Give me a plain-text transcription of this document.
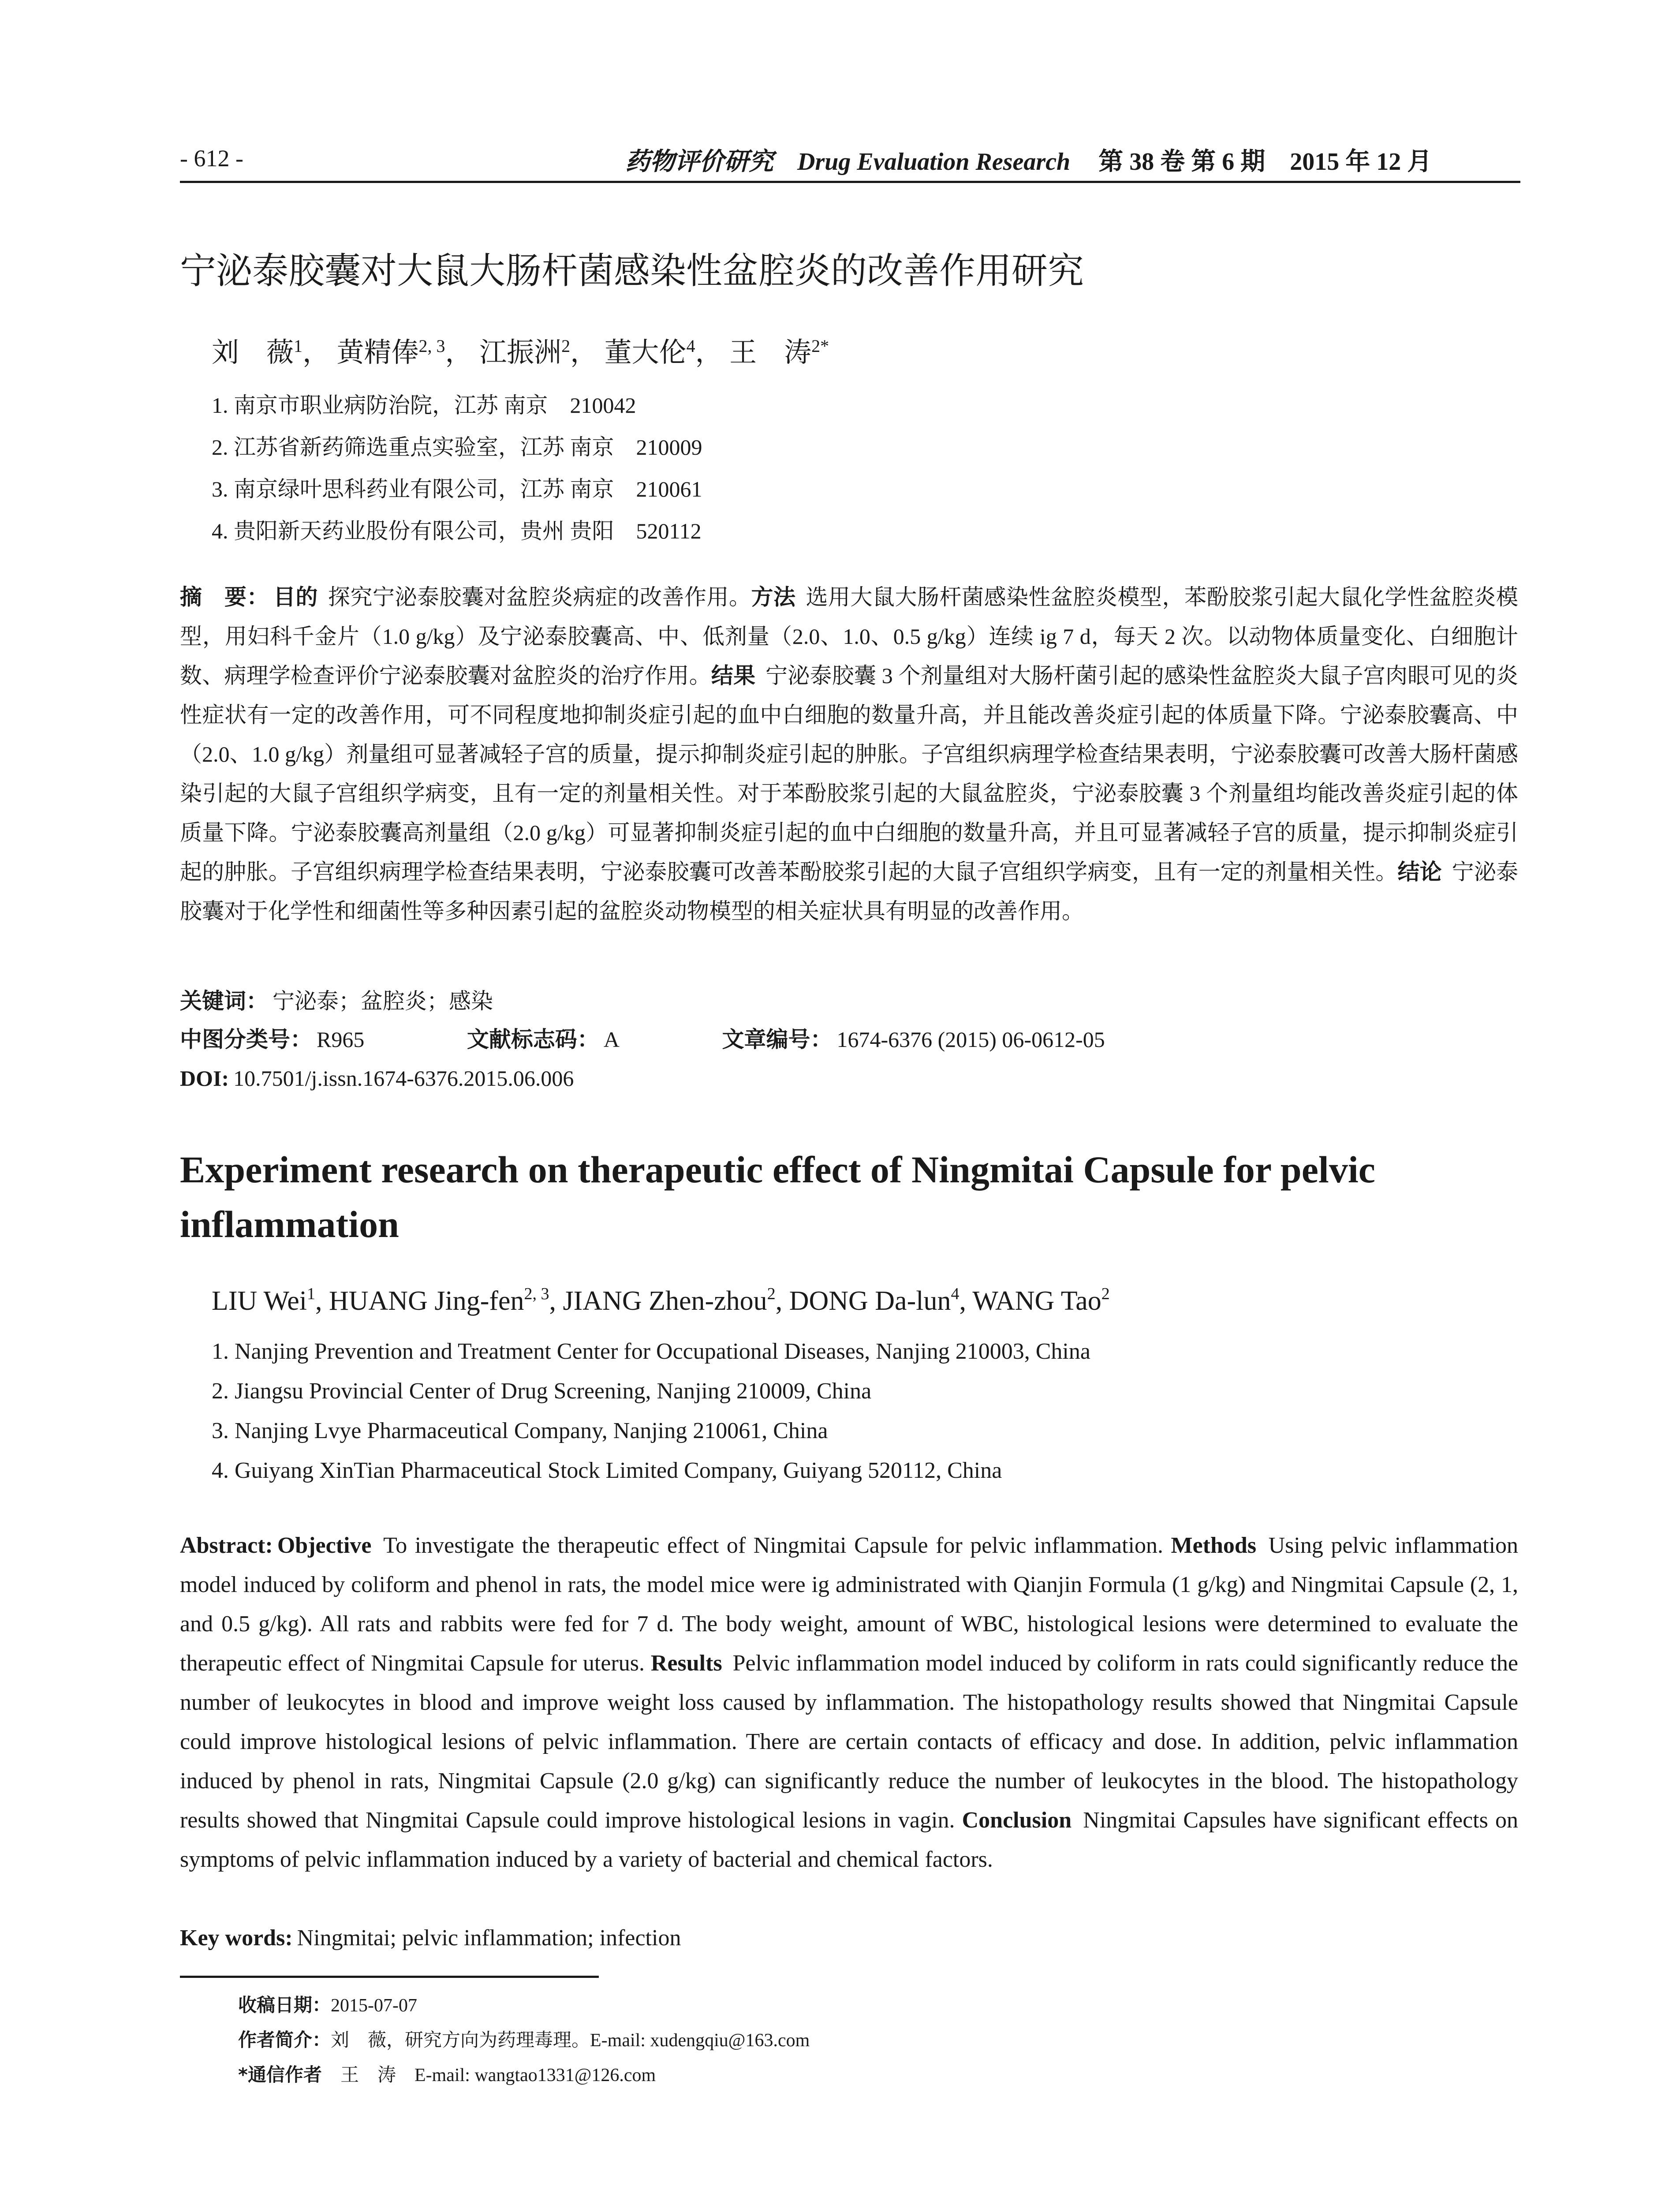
- 612 -	药物评价研究 Drug Evaluation Research 第 38 卷 第 6 期　2015 年 12 月
宁泌泰胶囊对大鼠大肠杆菌感染性盆腔炎的改善作用研究
刘　薇$^1$， 黄精俸$^{2, 3}$， 江振洲$^2$， 董大伦$^4$， 王　涛$^{2*}$
1. 南京市职业病防治院，江苏 南京　210042
2. 江苏省新药筛选重点实验室，江苏 南京　210009
3. 南京绿叶思科药业有限公司，江苏 南京　210061
4. 贵阳新天药业股份有限公司，贵州 贵阳　520112
摘　要： 目的 探究宁泌泰胶囊对盆腔炎病症的改善作用。方法 选用大鼠大肠杆菌感染性盆腔炎模型，苯酚胶浆引起大鼠化学性盆腔炎模型，用妇科千金片（1.0 g/kg）及宁泌泰胶囊高、中、低剂量（2.0、1.0、0.5 g/kg）连续 ig 7 d，每天 2 次。以动物体质量变化、白细胞计数、病理学检查评价宁泌泰胶囊对盆腔炎的治疗作用。结果 宁泌泰胶囊 3 个剂量组对大肠杆菌引起的感染性盆腔炎大鼠子宫肉眼可见的炎性症状有一定的改善作用，可不同程度地抑制炎症引起的血中白细胞的数量升高，并且能改善炎症引起的体质量下降。宁泌泰胶囊高、中（2.0、1.0 g/kg）剂量组可显著减轻子宫的质量，提示抑制炎症引起的肿胀。子宫组织病理学检查结果表明，宁泌泰胶囊可改善大肠杆菌感染引起的大鼠子宫组织学病变，且有一定的剂量相关性。对于苯酚胶浆引起的大鼠盆腔炎，宁泌泰胶囊 3 个剂量组均能改善炎症引起的体质量下降。宁泌泰胶囊高剂量组（2.0 g/kg）可显著抑制炎症引起的血中白细胞的数量升高，并且可显著减轻子宫的质量，提示抑制炎症引起的肿胀。子宫组织病理学检查结果表明，宁泌泰胶囊可改善苯酚胶浆引起的大鼠子宫组织学病变，且有一定的剂量相关性。结论 宁泌泰胶囊对于化学性和细菌性等多种因素引起的盆腔炎动物模型的相关症状具有明显的改善作用。
关键词： 宁泌泰；盆腔炎；感染
中图分类号： R965	文献标志码： A	文章编号： 1674-6376 (2015) 06-0612-05
DOI: 10.7501/j.issn.1674-6376.2015.06.006
Experiment research on therapeutic effect of Ningmitai Capsule for pelvic inflammation
LIU Wei$^1$, HUANG Jing-fen$^{2, 3}$, JIANG Zhen-zhou$^2$, DONG Da-lun$^4$, WANG Tao$^2$
1. Nanjing Prevention and Treatment Center for Occupational Diseases, Nanjing 210003, China
2. Jiangsu Provincial Center of Drug Screening, Nanjing 210009, China
3. Nanjing Lvye Pharmaceutical Company, Nanjing 210061, China
4. Guiyang XinTian Pharmaceutical Stock Limited Company, Guiyang 520112, China
Abstract: Objective To investigate the therapeutic effect of Ningmitai Capsule for pelvic inflammation. Methods Using pelvic inflammation model induced by coliform and phenol in rats, the model mice were ig administrated with Qianjin Formula (1 g/kg) and Ningmitai Capsule (2, 1, and 0.5 g/kg). All rats and rabbits were fed for 7 d. The body weight, amount of WBC, histological lesions were determined to evaluate the therapeutic effect of Ningmitai Capsule for uterus. Results Pelvic inflammation model induced by coliform in rats could significantly reduce the number of leukocytes in blood and improve weight loss caused by inflammation. The histopathology results showed that Ningmitai Capsule could improve histological lesions of pelvic inflammation. There are certain contacts of efficacy and dose. In addition, pelvic inflammation induced by phenol in rats, Ningmitai Capsule (2.0 g/kg) can significantly reduce the number of leukocytes in the blood. The histopathology results showed that Ningmitai Capsule could improve histological lesions in vagin. Conclusion Ningmitai Capsules have significant effects on symptoms of pelvic inflammation induced by a variety of bacterial and chemical factors.
Key words: Ningmitai; pelvic inflammation; infection
收稿日期：2015-07-07
作者简介：刘　薇，研究方向为药理毒理。E-mail: xudengqiu@163.com
*通信作者　 王　涛　E-mail: wangtao1331@126.com
